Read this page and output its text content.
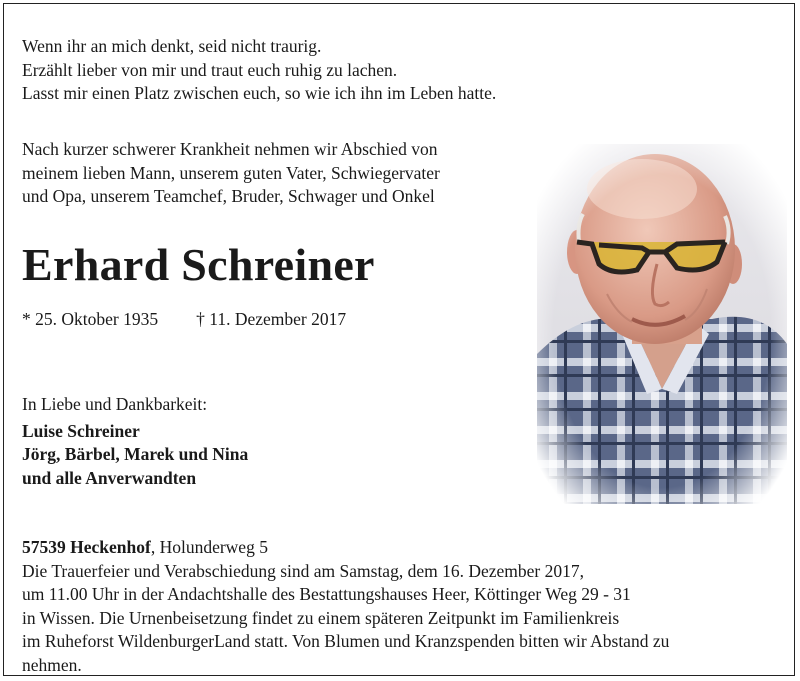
Wenn ihr an mich denkt, seid nicht traurig.
Erzählt lieber von mir und traut euch ruhig zu lachen.
Lasst mir einen Platz zwischen euch, so wie ich ihn im Leben hatte.
Nach kurzer schwerer Krankheit nehmen wir Abschied von
meinem lieben Mann, unserem guten Vater, Schwiegervater
und Opa, unserem Teamchef, Bruder, Schwager und Onkel
Erhard Schreiner
* 25. Oktober 1935 † 11. Dezember 2017
In Liebe und Dankbarkeit:
Luise Schreiner
Jörg, Bärbel, Marek und Nina
und alle Anverwandten
57539 Heckenhof, Holunderweg 5
Die Trauerfeier und Verabschiedung sind am Samstag, dem 16. Dezember 2017,
um 11.00 Uhr in der Andachtshalle des Bestattungshauses Heer, Köttinger Weg 29 - 31
in Wissen. Die Urnenbeisetzung findet zu einem späteren Zeitpunkt im Familienkreis
im Ruheforst WildenburgerLand statt. Von Blumen und Kranzspenden bitten wir Abstand zu
nehmen.
